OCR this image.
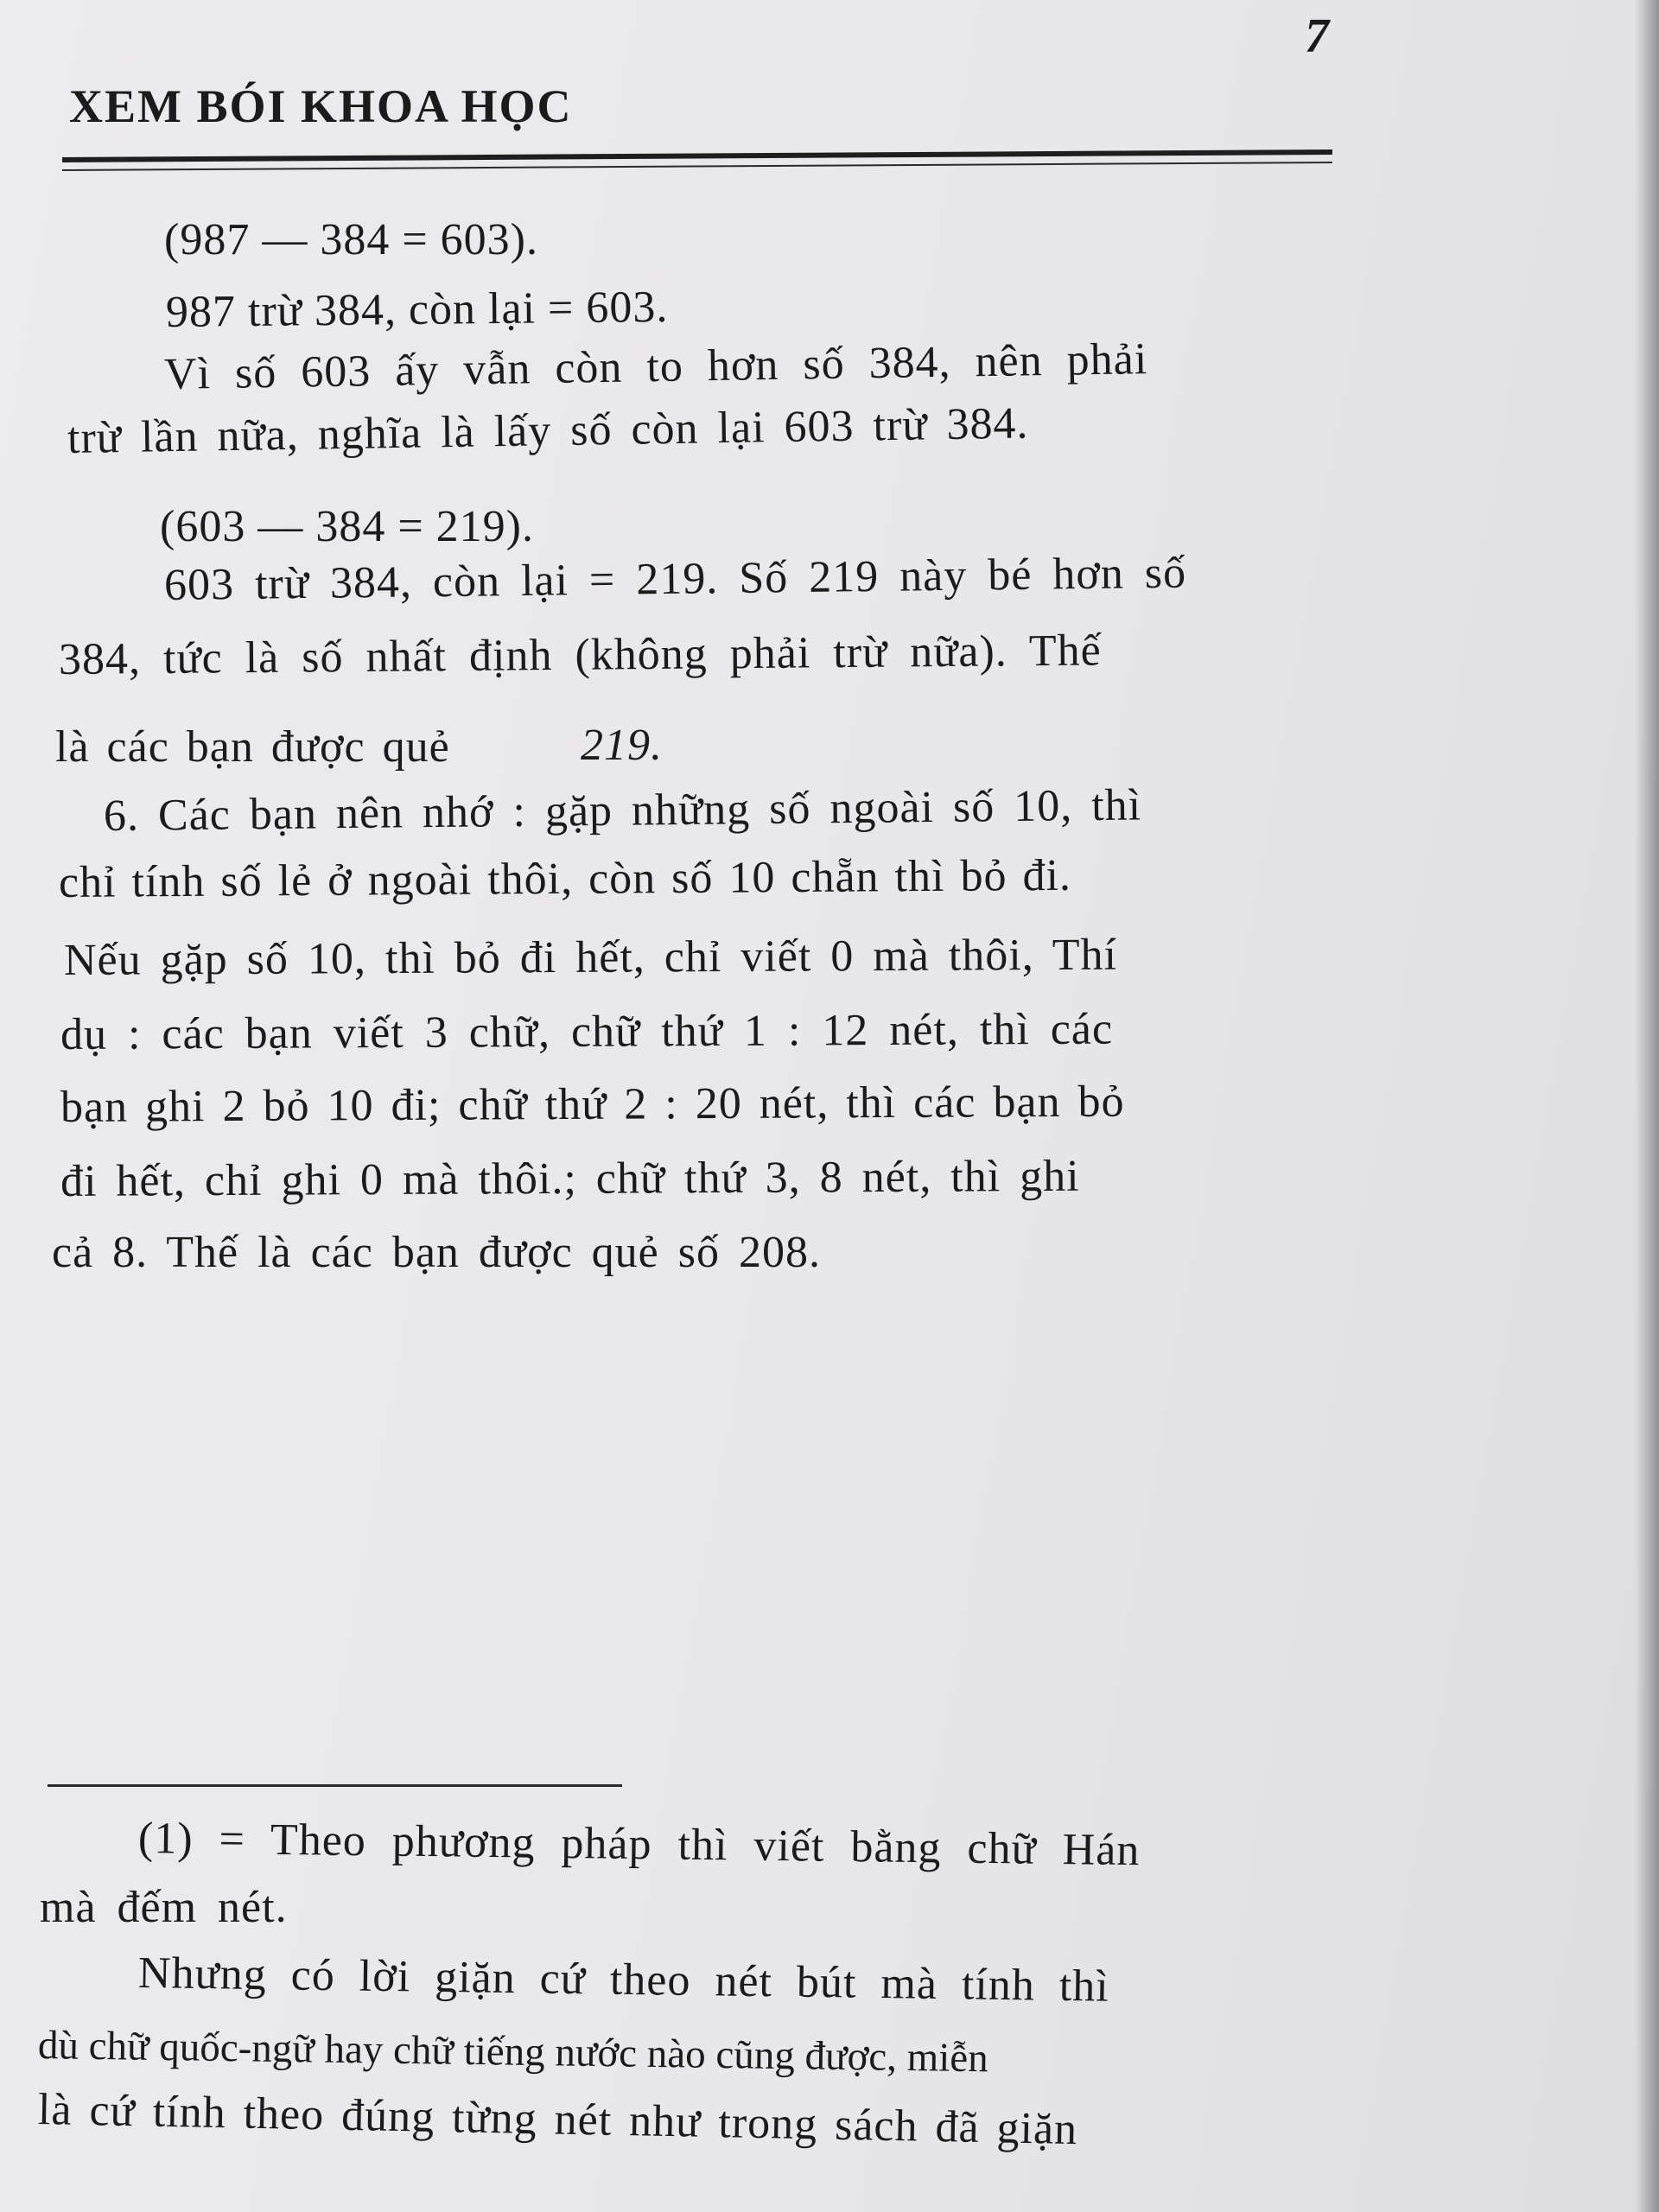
7
XEM BÓI KHOA HỌC
(987 — 384 = 603).
987 trừ 384, còn lại = 603.
Vì số 603 ấy vẫn còn to hơn số 384, nên phải
trừ lần nữa, nghĩa là lấy số còn lại 603 trừ 384.
(603 — 384 = 219).
603 trừ 384, còn lại = 219. Số 219 này bé hơn số
384, tức là số nhất định (không phải trừ nữa). Thế
là các bạn được quẻ	219.
6. Các bạn nên nhớ : gặp những số ngoài số 10, thì
chỉ tính số lẻ ở ngoài thôi, còn số 10 chẵn thì bỏ đi.
Nếu gặp số 10, thì bỏ đi hết, chỉ viết 0 mà thôi, Thí
dụ : các bạn viết 3 chữ, chữ thứ 1 : 12 nét, thì các
bạn ghi 2 bỏ 10 đi; chữ thứ 2 : 20 nét, thì các bạn bỏ
đi hết, chỉ ghi 0 mà thôi.; chữ thứ 3, 8 nét, thì ghi
cả 8. Thế là các bạn được quẻ số 208.
(1) = Theo phương pháp thì viết bằng chữ Hán
mà đếm nét.
Nhưng có lời giặn cứ theo nét bút mà tính thì
dù chữ quốc-ngữ hay chữ tiếng nước nào cũng được, miễn
là cứ tính theo đúng từng nét như trong sách đã giặn
